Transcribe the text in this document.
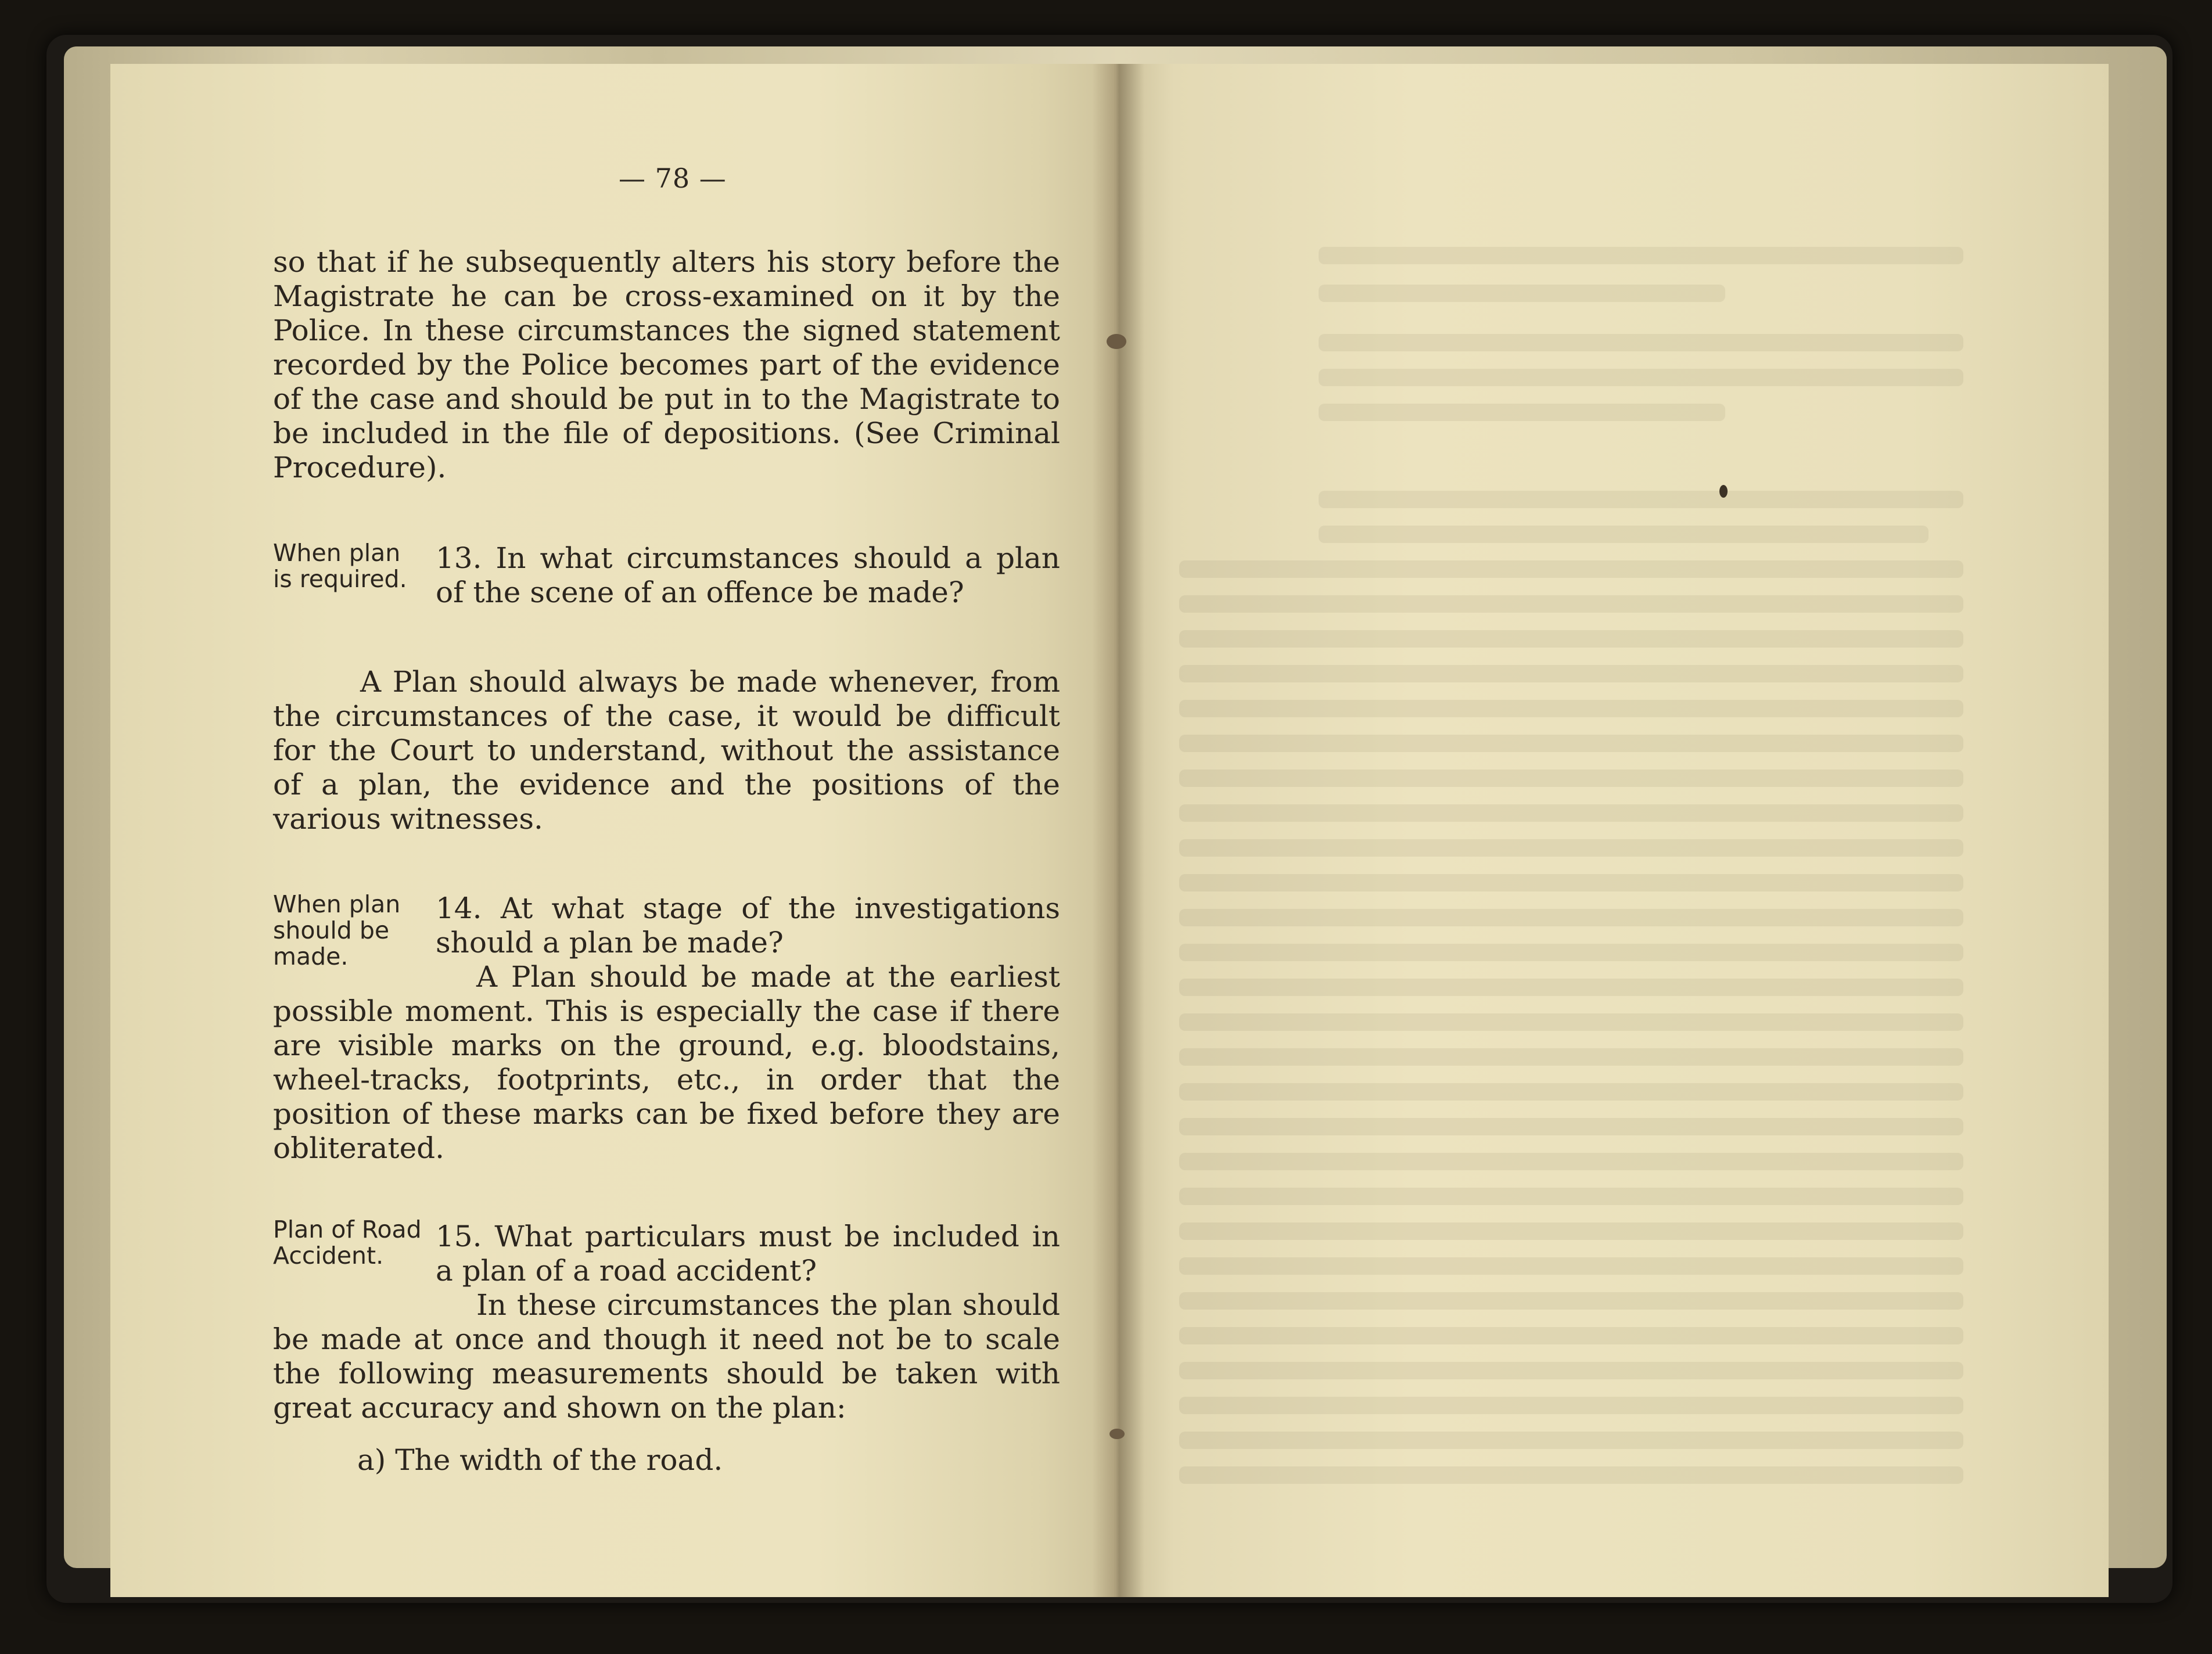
— 78 —

so that if he subsequently alters his story before the Magistrate he can be cross-examined on it by the Police. In these circumstances the signed statement recorded by the Police becomes part of the evidence of the case and should be put in to the Magistrate to be included in the file of depositions. (See Criminal Procedure).

When plan is required.
13. In what circumstances should a plan of the scene of an offence be made?
A Plan should always be made whenever, from the circumstances of the case, it would be difficult for the Court to understand, without the assistance of a plan, the evidence and the positions of the various witnesses.
When plan should be made.
14. At what stage of the investigations should a plan be made?
A Plan should be made at the earliest possible moment. This is especially the case if there are visible marks on the ground, e.g. bloodstains, wheel-tracks, footprints, etc., in order that the position of these marks can be fixed before they are obliterated.
Plan of Road Accident.
15. What particulars must be included in a plan of a road accident?
In these circumstances the plan should be made at once and though it need not be to scale the following measurements should be taken with great accuracy and shown on the plan:
a) The width of the road.
